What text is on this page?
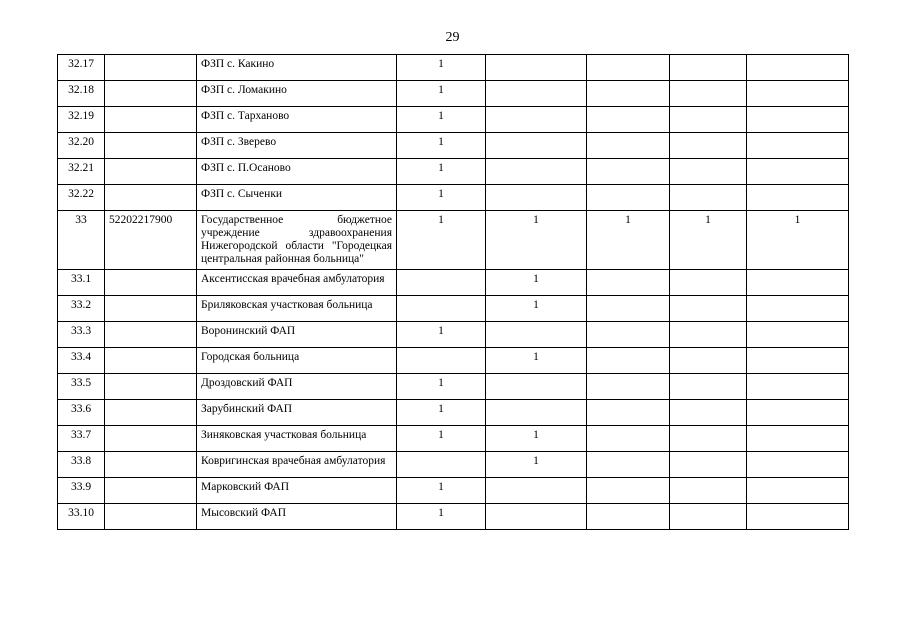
29
32.17		ФЗП с. Какино	1				
32.18		ФЗП с. Ломакино	1				
32.19		ФЗП с. Тарханово	1				
32.20		ФЗП с. Зверево	1				
32.21		ФЗП с. П.Осаново	1				
32.22		ФЗП с. Сыченки	1				
33	52202217900	Государственное бюджетное учреждение здравоохранения Нижегородской области "Городецкая центральная районная больница"	1	1	1	1	1
33.1		Аксентисская врачебная амбулатория		1			
33.2		Бриляковская участковая больница		1			
33.3		Воронинский ФАП	1				
33.4		Городская больница		1			
33.5		Дроздовский ФАП	1				
33.6		Зарубинский ФАП	1				
33.7		Зиняковская участковая больница	1	1			
33.8		Ковригинская врачебная амбулатория		1			
33.9		Марковский ФАП	1				
33.10		Мысовский ФАП	1				
